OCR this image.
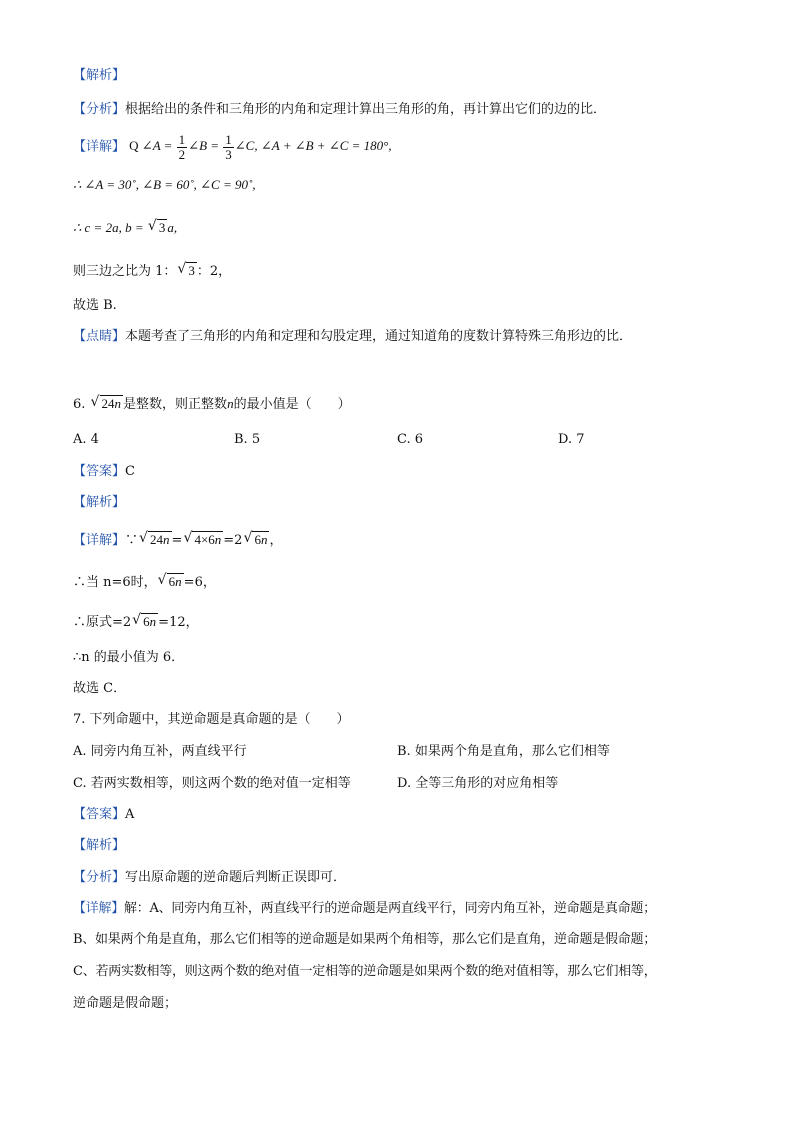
【解析】
【分析】根据给出的条件和三角形的内角和定理计算出三角形的角，再计算出它们的边的比．
【详解】 Q ∠A = $\frac{1}{2}$ ∠B = $\frac{1}{3}$ ∠C, ∠A + ∠B + ∠C = 180°,
∴ ∠A = 30˚, ∠B = 60˚, ∠C = 90˚,
∴ c = 2a, b = √ 3 a,
则三边之比为 1： √ 3 ：2，
故选 B.
【点睛】本题考查了三角形的内角和定理和勾股定理，通过知道角的度数计算特殊三角形边的比．
6. √ 24n 是整数，则正整数n的最小值是（　　）
A. 4	B. 5	C. 6	D. 7
【答案】C
【解析】
【详解】∵ √ 24n = √ 4×6n =2 √ 6n ，
∴当 n=6时， √ 6n =6，
∴原式=2 √ 6n =12，
∴n 的最小值为 6．
故选 C．
7. 下列命题中，其逆命题是真命题的是（　　）
A. 同旁内角互补，两直线平行	B. 如果两个角是直角，那么它们相等
C. 若两实数相等，则这两个数的绝对值一定相等	D. 全等三角形的对应角相等
【答案】A
【解析】
【分析】写出原命题的逆命题后判断正误即可．
【详解】解：A、同旁内角互补，两直线平行的逆命题是两直线平行，同旁内角互补，逆命题是真命题；
B、如果两个角是直角，那么它们相等的逆命题是如果两个角相等，那么它们是直角，逆命题是假命题；
C、若两实数相等，则这两个数的绝对值一定相等的逆命题是如果两个数的绝对值相等，那么它们相等，
逆命题是假命题；
